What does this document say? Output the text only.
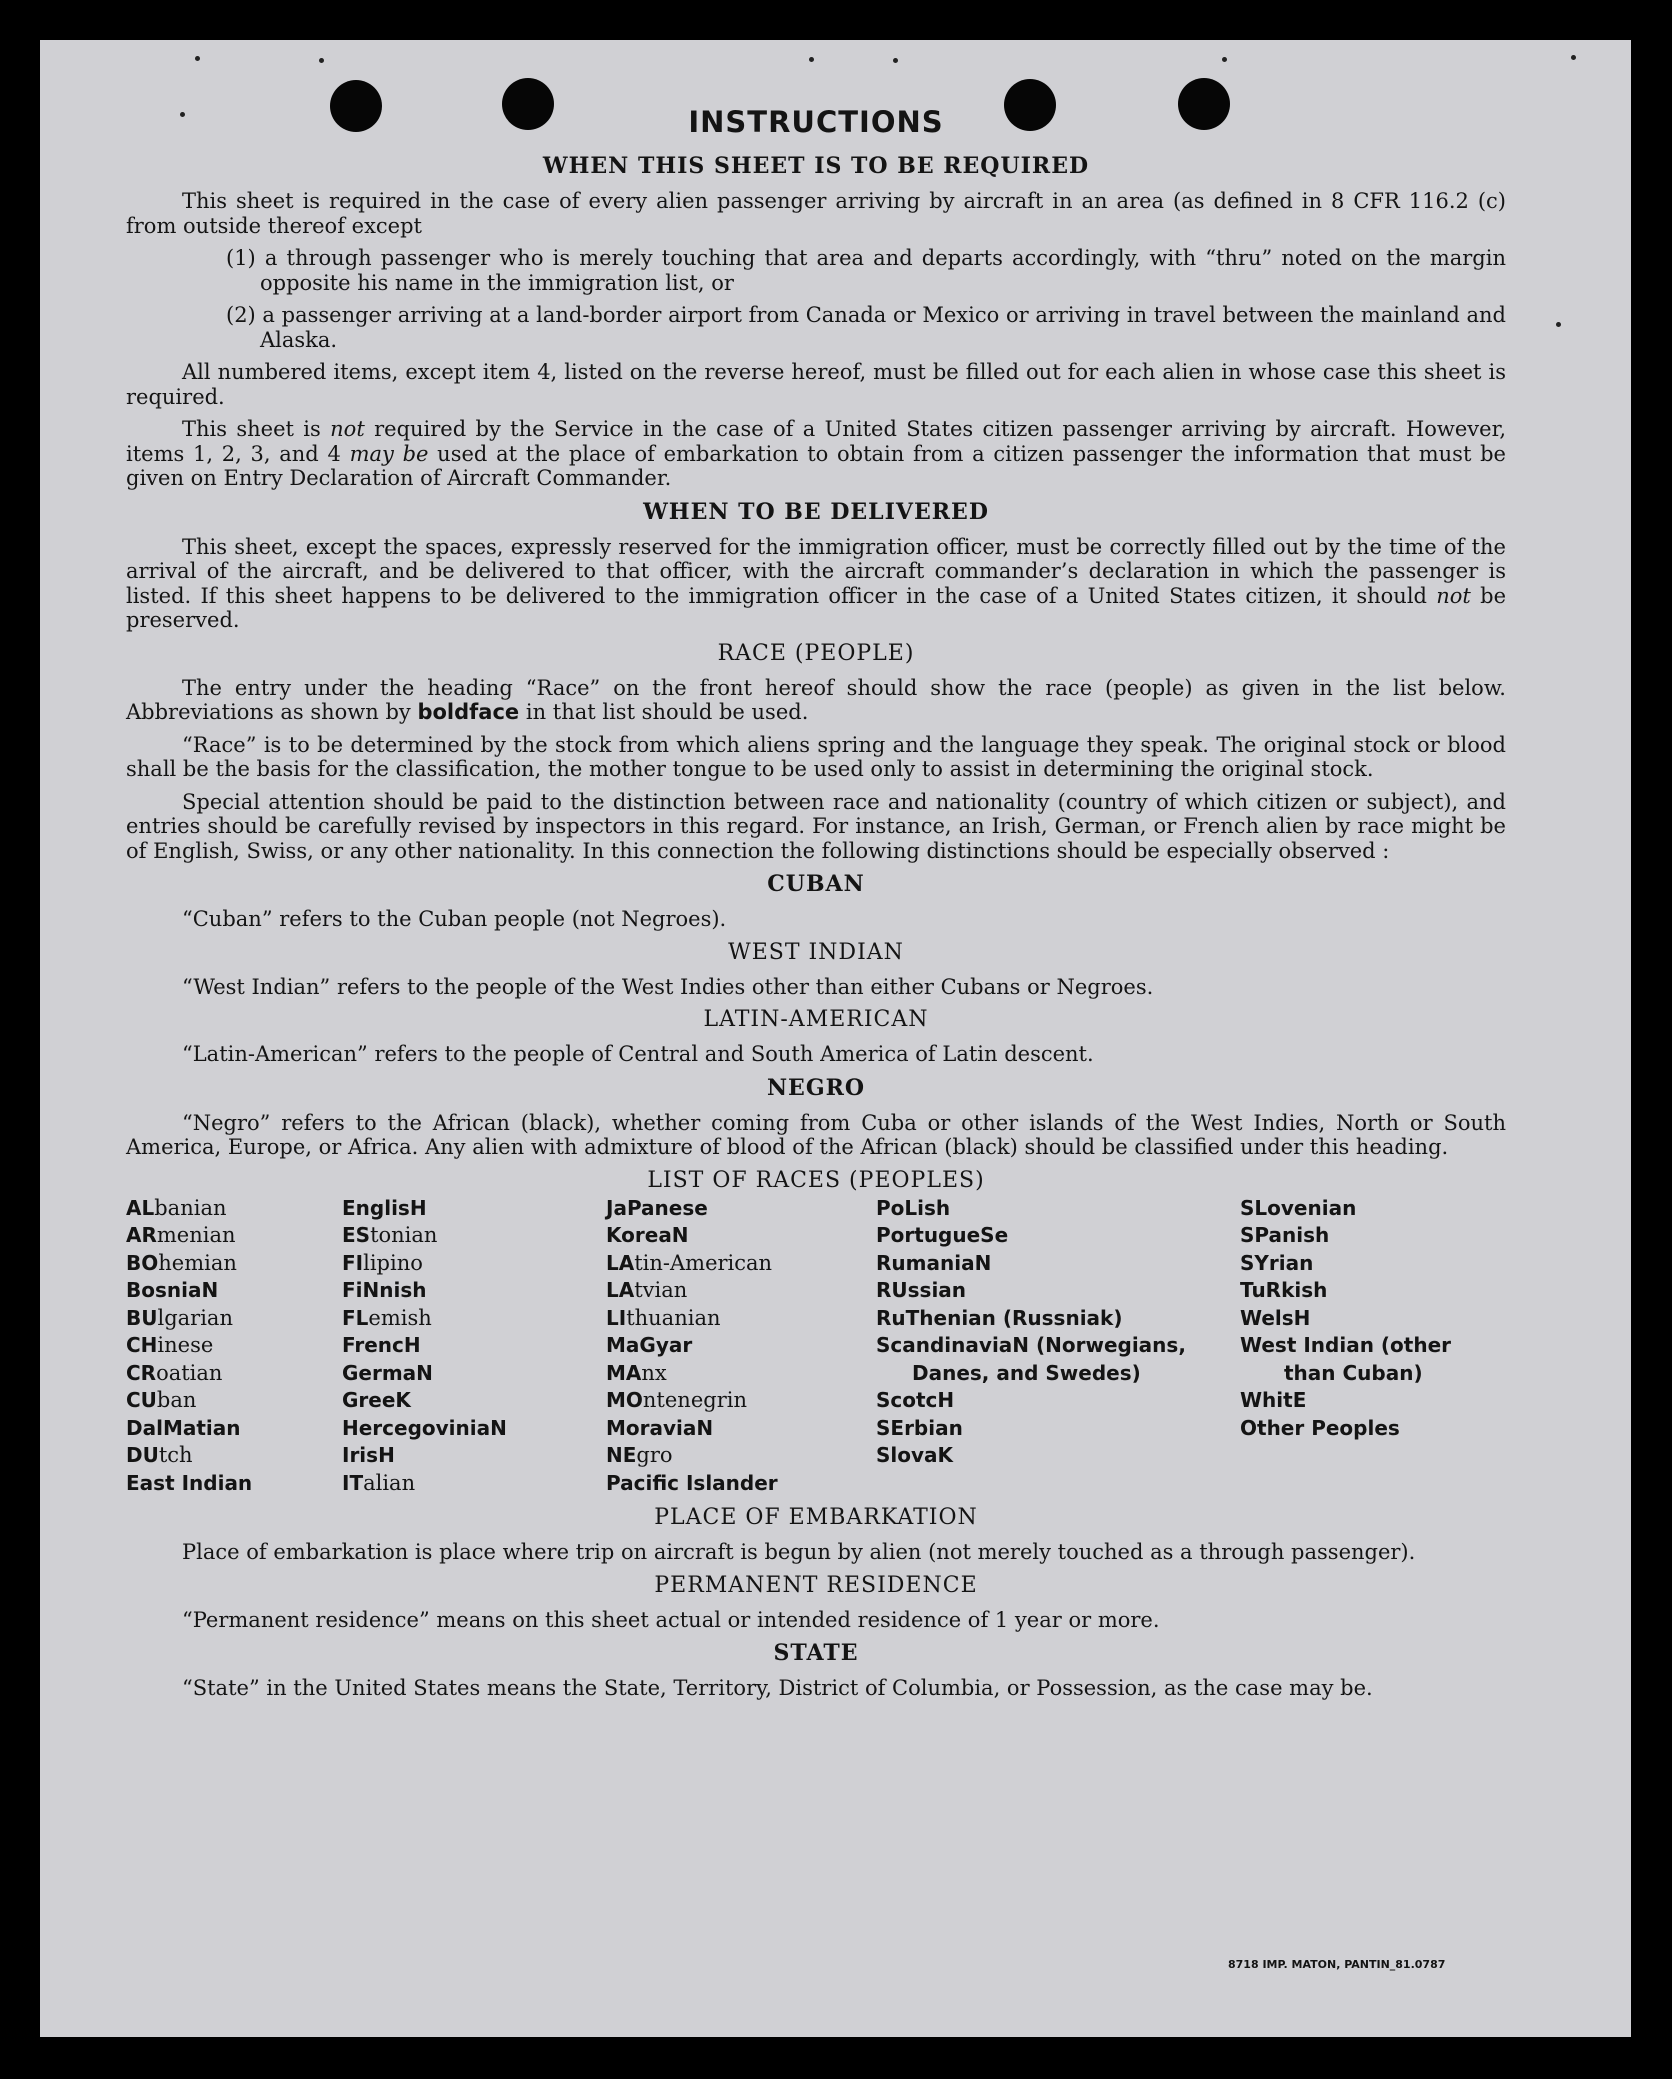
INSTRUCTIONS
WHEN THIS SHEET IS TO BE REQUIRED

This sheet is required in the case of every alien passenger arriving by aircraft in an area (as defined in 8 CFR 116.2 (c) from outside thereof except

(1) a through passenger who is merely touching that area and departs accordingly, with “thru” noted on the margin opposite his name in the immigration list, or

(2) a passenger arriving at a land-border airport from Canada or Mexico or arriving in travel between the mainland and Alaska.

All numbered items, except item 4, listed on the reverse hereof, must be filled out for each alien in whose case this sheet is required.

This sheet is not required by the Service in the case of a United States citizen passenger arriving by aircraft. However, items 1, 2, 3, and 4 may be used at the place of embarkation to obtain from a citizen passenger the information that must be given on Entry Declaration of Aircraft Commander.

WHEN TO BE DELIVERED

This sheet, except the spaces, expressly reserved for the immigration officer, must be correctly filled out by the time of the arrival of the aircraft, and be delivered to that officer, with the aircraft commander’s declaration in which the passenger is listed. If this sheet happens to be delivered to the immigration officer in the case of a United States citizen, it should not be preserved.

RACE (PEOPLE)

The entry under the heading “Race” on the front hereof should show the race (people) as given in the list below. Abbreviations as shown by boldface in that list should be used.

“Race” is to be determined by the stock from which aliens spring and the language they speak. The original stock or blood shall be the basis for the classification, the mother tongue to be used only to assist in determining the original stock.

Special attention should be paid to the distinction between race and nationality (country of which citizen or subject), and entries should be carefully revised by inspectors in this regard. For instance, an Irish, German, or French alien by race might be of English, Swiss, or any other nationality. In this connection the following distinctions should be especially observed :

CUBAN

“Cuban” refers to the Cuban people (not Negroes).

WEST INDIAN

“West Indian” refers to the people of the West Indies other than either Cubans or Negroes.

LATIN-AMERICAN

“Latin-American” refers to the people of Central and South America of Latin descent.

NEGRO

“Negro” refers to the African (black), whether coming from Cuba or other islands of the West Indies, North or South America, Europe, or Africa. Any alien with admixture of blood of the African (black) should be classified under this heading.

LIST OF RACES (PEOPLES)
ALbanian
ARmenian
BOhemian
BosniaN
BUlgarian
CHinese
CRoatian
CUban
DalMatian
DUtch
East Indian
EnglisH
EStonian
FIlipino
FiNnish
FLemish
FrencH
GermaN
GreeK
HercegoviniaN
IrisH
ITalian
JaPanese
KoreaN
LAtin-American
LAtvian
LIthuanian
MaGyar
MAnx
MOntenegrin
MoraviaN
NEgro
Pacific Islander
PoLish
PortugueSe
RumaniaN
RUssian
RuThenian (Russniak)
ScandinaviaN (Norwegians, Danes, and Swedes)
ScotcH
SErbian
SlovaK
SLovenian
SPanish
SYrian
TuRkish
WelsH
West Indian (other than Cuban)
WhitE
Other Peoples
PLACE OF EMBARKATION

Place of embarkation is place where trip on aircraft is begun by alien (not merely touched as a through passenger).

PERMANENT RESIDENCE

“Permanent residence” means on this sheet actual or intended residence of 1 year or more.

STATE

“State” in the United States means the State, Territory, District of Columbia, or Possession, as the case may be.

8718 IMP. MATON, PANTIN_81.0787
